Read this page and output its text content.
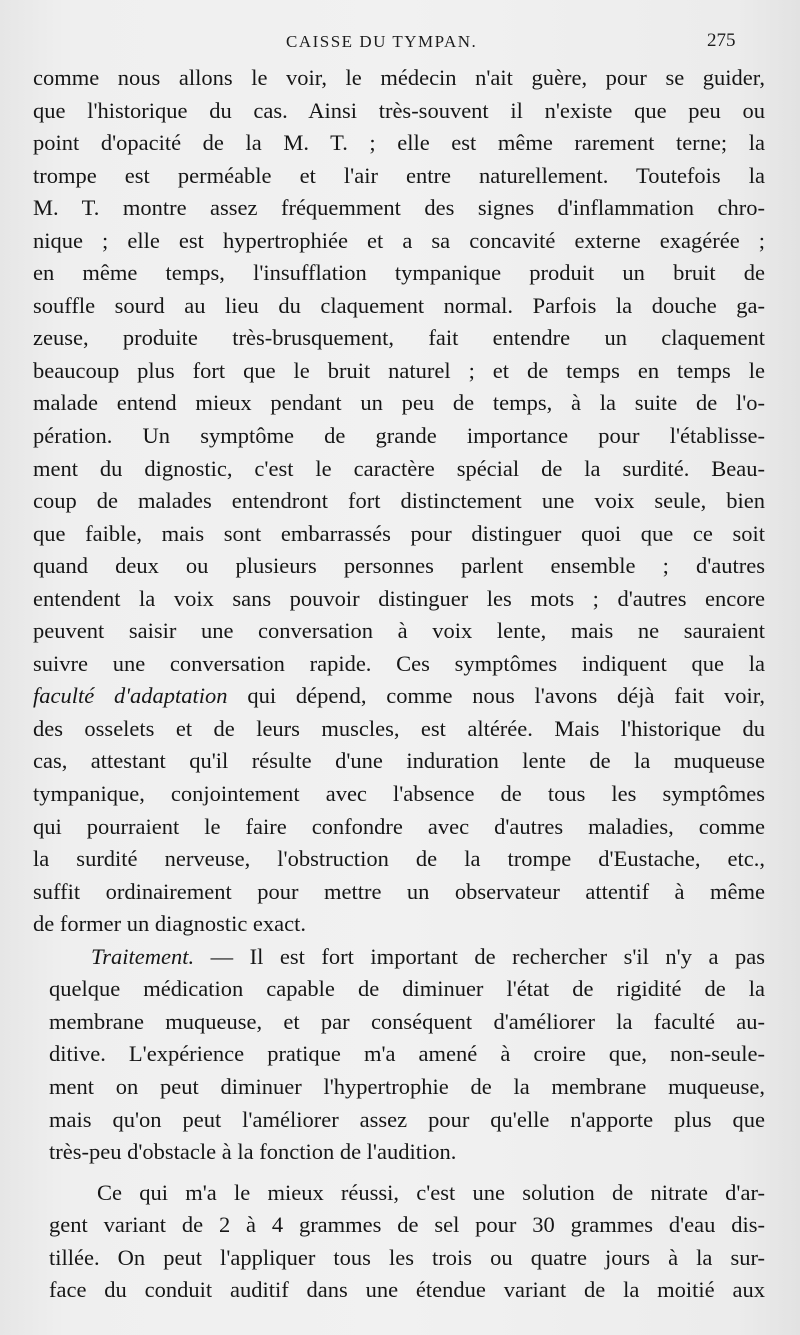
CAISSE DU TYMPAN.	275
comme nous allons le voir, le médecin n'ait guère, pour se guider,
que l'historique du cas. Ainsi très-souvent il n'existe que peu ou
point d'opacité de la M. T. ; elle est même rarement terne; la
trompe est perméable et l'air entre naturellement. Toutefois la
M. T. montre assez fréquemment des signes d'inflammation chro-
nique ; elle est hypertrophiée et a sa concavité externe exagérée ;
en même temps, l'insufflation tympanique produit un bruit de
souffle sourd au lieu du claquement normal. Parfois la douche ga-
zeuse, produite très-brusquement, fait entendre un claquement
beaucoup plus fort que le bruit naturel ; et de temps en temps le
malade entend mieux pendant un peu de temps, à la suite de l'o-
pération. Un symptôme de grande importance pour l'établisse-
ment du dignostic, c'est le caractère spécial de la surdité. Beau-
coup de malades entendront fort distinctement une voix seule, bien
que faible, mais sont embarrassés pour distinguer quoi que ce soit
quand deux ou plusieurs personnes parlent ensemble ; d'autres
entendent la voix sans pouvoir distinguer les mots ; d'autres encore
peuvent saisir une conversation à voix lente, mais ne sauraient
suivre une conversation rapide. Ces symptômes indiquent que la
faculté d'adaptation qui dépend, comme nous l'avons déjà fait voir,
des osselets et de leurs muscles, est altérée. Mais l'historique du
cas, attestant qu'il résulte d'une induration lente de la muqueuse
tympanique, conjointement avec l'absence de tous les symptômes
qui pourraient le faire confondre avec d'autres maladies, comme
la surdité nerveuse, l'obstruction de la trompe d'Eustache, etc.,
suffit ordinairement pour mettre un observateur attentif à même
de former un diagnostic exact.
Traitement. — Il est fort important de rechercher s'il n'y a pas
quelque médication capable de diminuer l'état de rigidité de la
membrane muqueuse, et par conséquent d'améliorer la faculté au-
ditive. L'expérience pratique m'a amené à croire que, non-seule-
ment on peut diminuer l'hypertrophie de la membrane muqueuse,
mais qu'on peut l'améliorer assez pour qu'elle n'apporte plus que
très-peu d'obstacle à la fonction de l'audition.
Ce qui m'a le mieux réussi, c'est une solution de nitrate d'ar-
gent variant de 2 à 4 grammes de sel pour 30 grammes d'eau dis-
tillée. On peut l'appliquer tous les trois ou quatre jours à la sur-
face du conduit auditif dans une étendue variant de la moitié aux
